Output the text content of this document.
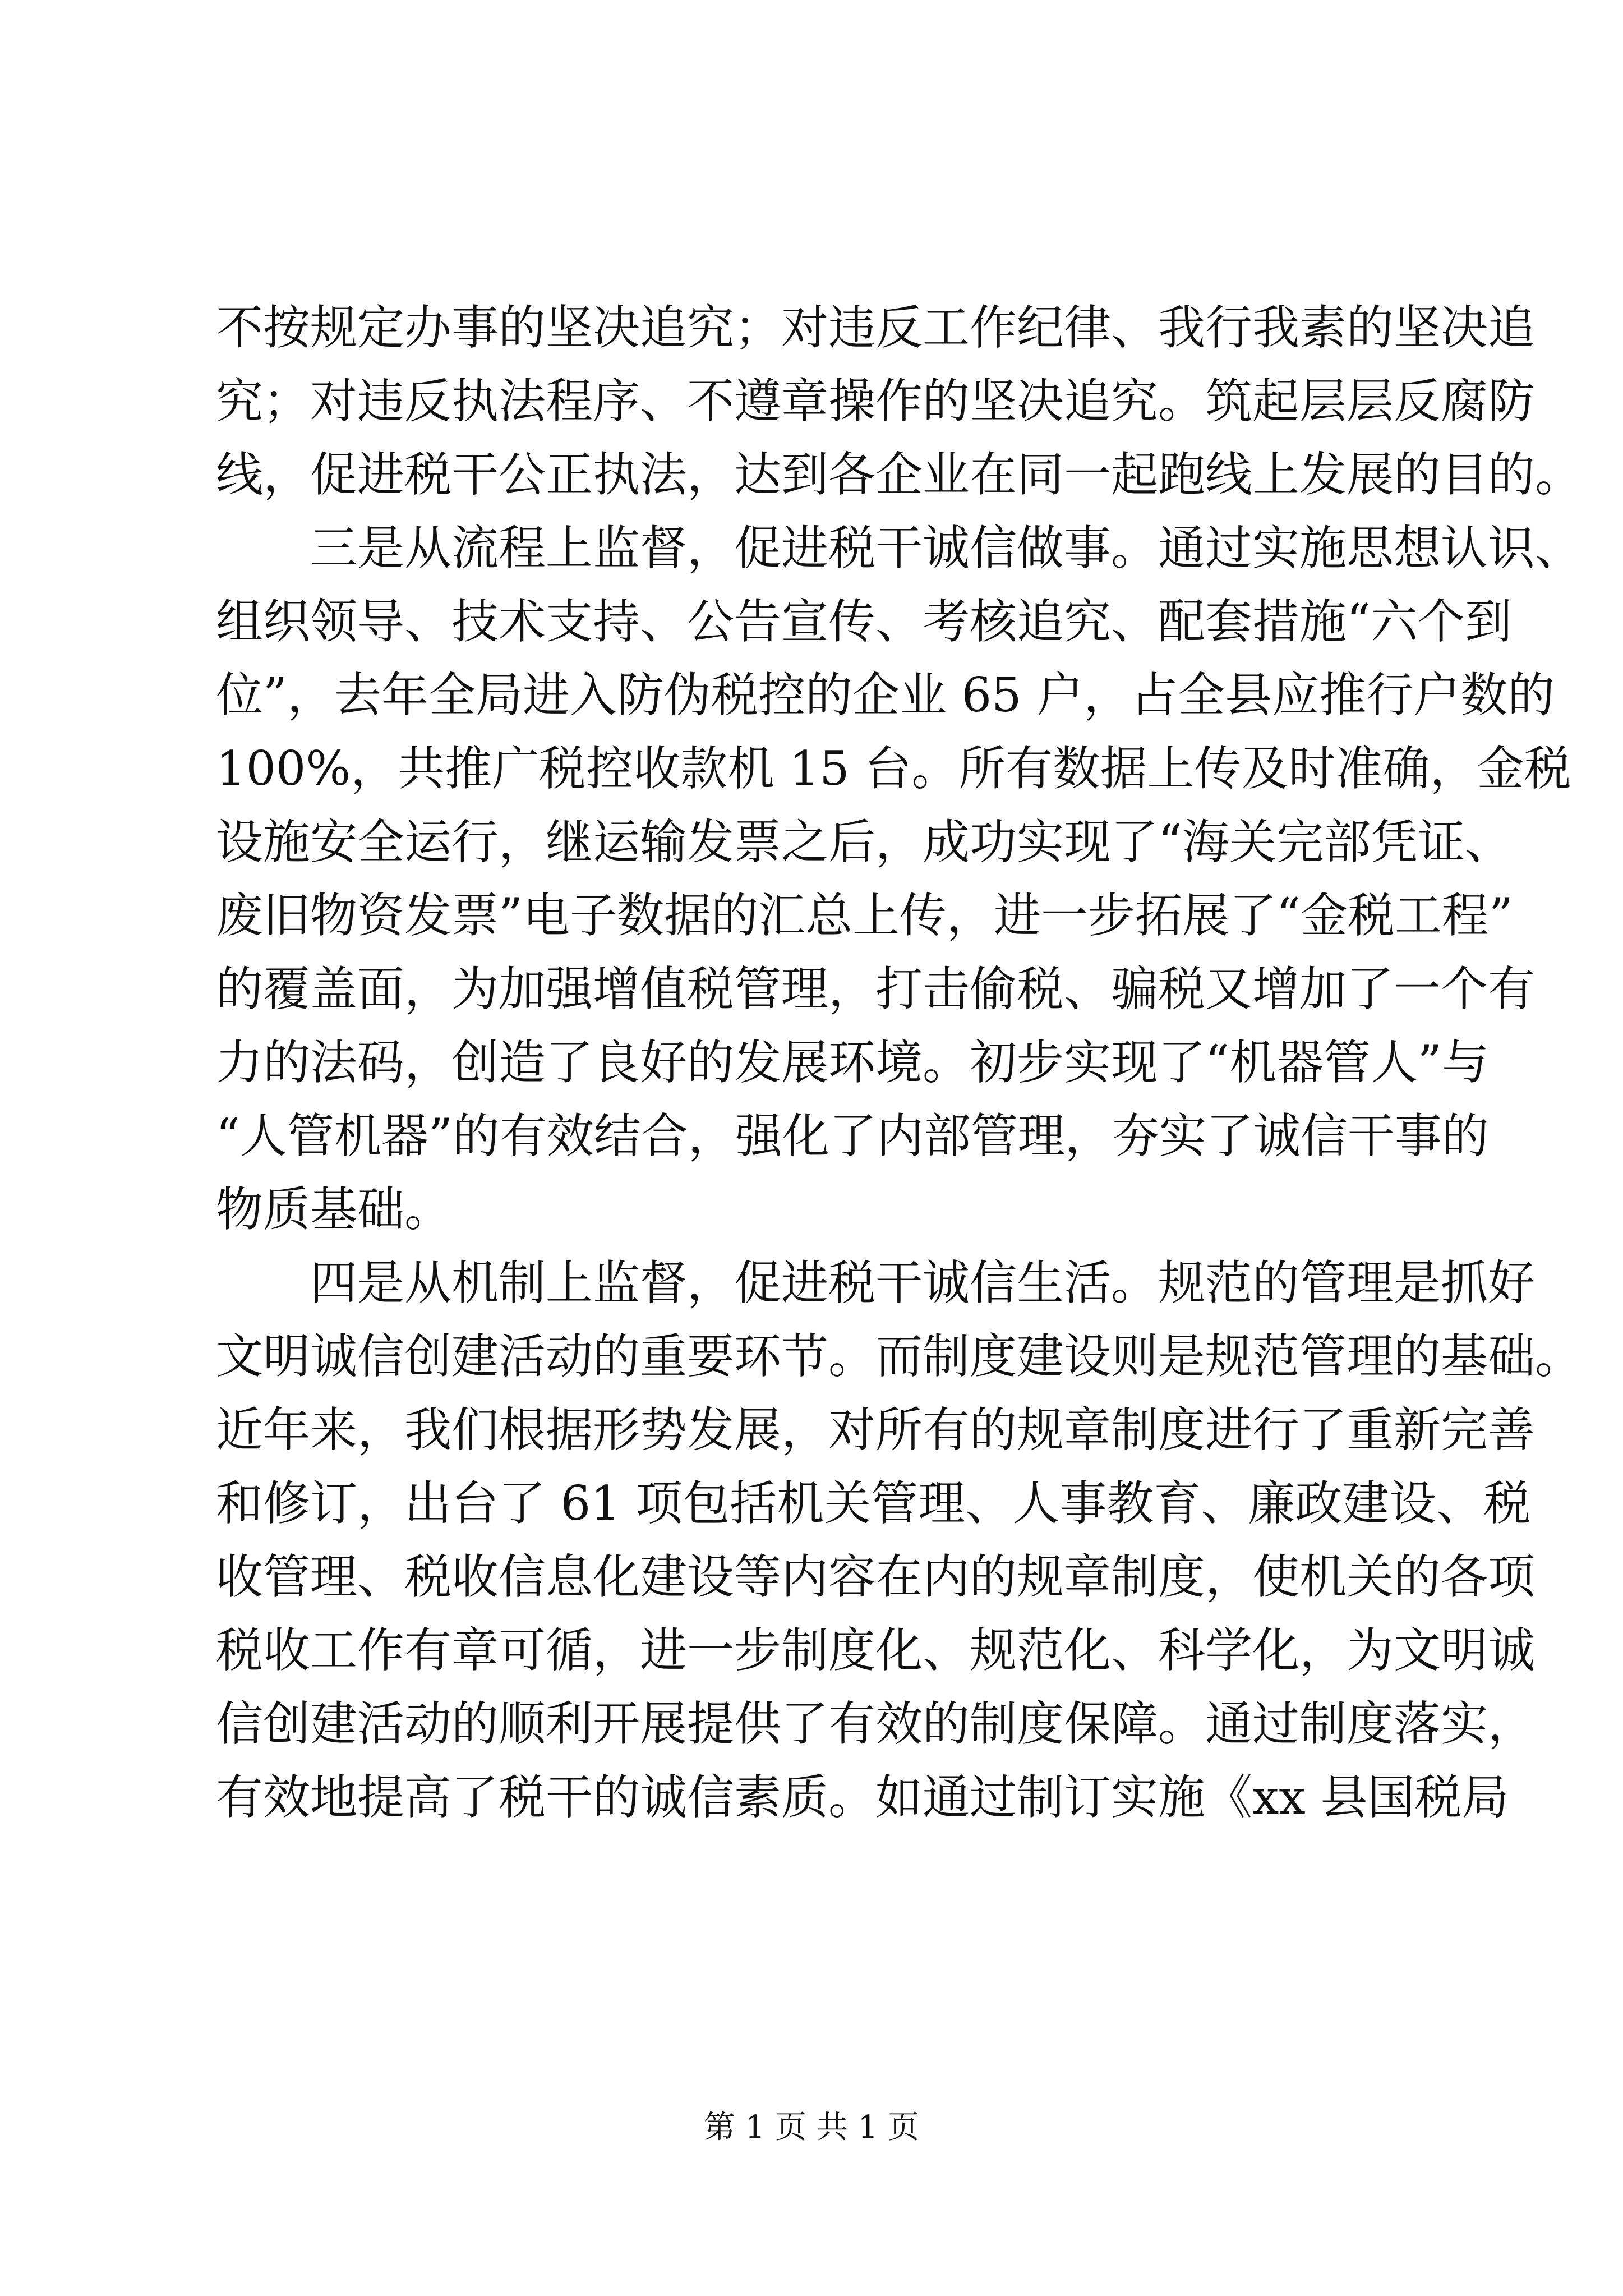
不按规定办事的坚决追究；对违反工作纪律、我行我素的坚决追
究；对违反执法程序、不遵章操作的坚决追究。筑起层层反腐防
线，促进税干公正执法，达到各企业在同一起跑线上发展的目的。
三是从流程上监督，促进税干诚信做事。通过实施思想认识、
组织领导、技术支持、公告宣传、考核追究、配套措施“六个到
位”，去年全局进入防伪税控的企业 65 户，占全县应推行户数的
100%，共推广税控收款机 15 台。所有数据上传及时准确，金税
设施安全运行，继运输发票之后，成功实现了“海关完部凭证、
废旧物资发票”电子数据的汇总上传，进一步拓展了“金税工程”
的覆盖面，为加强增值税管理，打击偷税、骗税又增加了一个有
力的法码，创造了良好的发展环境。初步实现了“机器管人”与
“人管机器”的有效结合，强化了内部管理，夯实了诚信干事的
物质基础。
四是从机制上监督，促进税干诚信生活。规范的管理是抓好
文明诚信创建活动的重要环节。而制度建设则是规范管理的基础。
近年来，我们根据形势发展，对所有的规章制度进行了重新完善
和修订，出台了 61 项包括机关管理、人事教育、廉政建设、税
收管理、税收信息化建设等内容在内的规章制度，使机关的各项
税收工作有章可循，进一步制度化、规范化、科学化，为文明诚
信创建活动的顺利开展提供了有效的制度保障。通过制度落实，
有效地提高了税干的诚信素质。如通过制订实施《xx 县国税局
第 1 页 共 1 页
